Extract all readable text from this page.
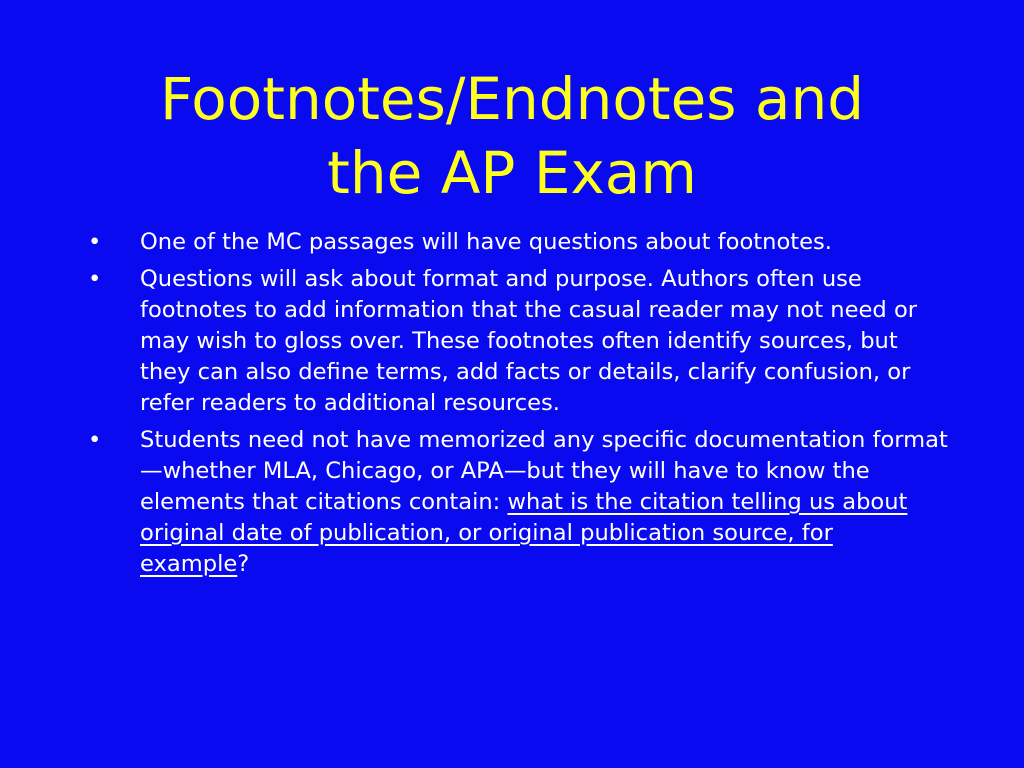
Footnotes/Endnotes and
the AP Exam
• One of the MC passages will have questions about footnotes.
• Questions will ask about format and purpose. Authors often use footnotes to add information that the casual reader may not need or may wish to gloss over. These footnotes often identify sources, but they can also define terms, add facts or details, clarify confusion, or refer readers to additional resources.
• Students need not have memorized any specific documentation format—whether MLA, Chicago, or APA—but they will have to know the elements that citations contain: what is the citation telling us about original date of publication, or original publication source, for example?
